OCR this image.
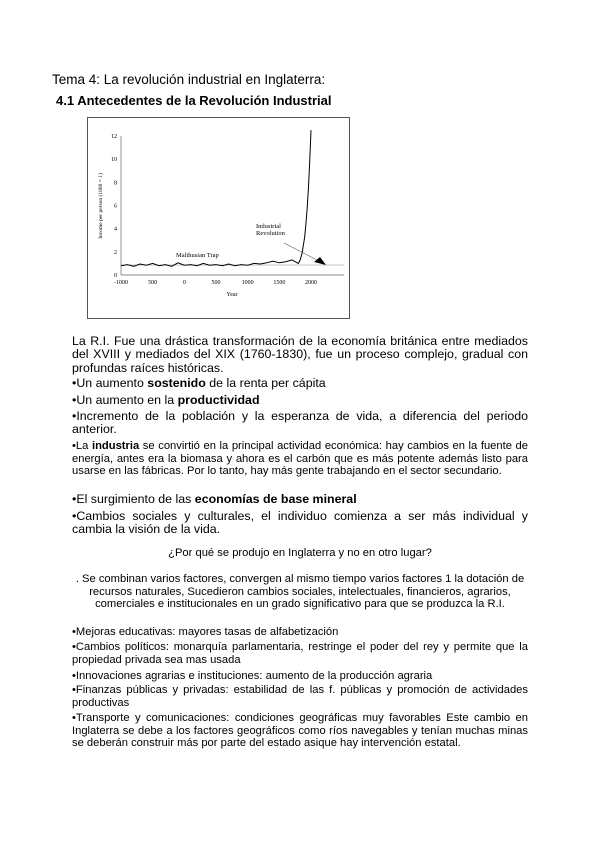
Tema 4: La revolución industrial en Inglaterra:
4.1 Antecedentes de la Revolución Industrial
0
2
4
6
8
10
12
-1000	500	0	500	1000	1500	2000
Malthusian Trap
Industrial Revolution
Income per person (1800 = 1)
Year
La R.I. Fue una drástica transformación de la economía británica entre mediados del XVIII y mediados del XIX (1760-1830), fue un proceso complejo, gradual con profundas raíces históricas.
•Un aumento sostenido de la renta per cápita
•Un aumento en la productividad
•Incremento de la población y la esperanza de vida, a diferencia del periodo anterior.
•La industria se convirtió en la principal actividad económica: hay cambios en la fuente de energía, antes era la biomasa y ahora es el carbón que es más potente además listo para usarse en las fábricas. Por lo tanto, hay más gente trabajando en el sector secundario.
•El surgimiento de las economías de base mineral
•Cambios sociales y culturales, el individuo comienza a ser más individual y cambia la visión de la vida.
¿Por qué se produjo en Inglaterra y no en otro lugar?
. Se combinan varios factores, convergen al mismo tiempo varios factores 1 la dotación de recursos naturales, Sucedieron cambios sociales, intelectuales, financieros, agrarios, comerciales e institucionales en un grado significativo para que se produzca la R.I.
•Mejoras educativas: mayores tasas de alfabetización
•Cambios políticos: monarquía parlamentaria, restringe el poder del rey y permite que la propiedad privada sea mas usada
•Innovaciones agrarias e instituciones: aumento de la producción agraria
•Finanzas públicas y privadas: estabilidad de las f. públicas y promoción de actividades productivas
•Transporte y comunicaciones: condiciones geográficas muy favorables Este cambio en Inglaterra se debe a los factores geográficos como ríos navegables y tenían muchas minas se deberán construir más por parte del estado asique hay intervención estatal.
